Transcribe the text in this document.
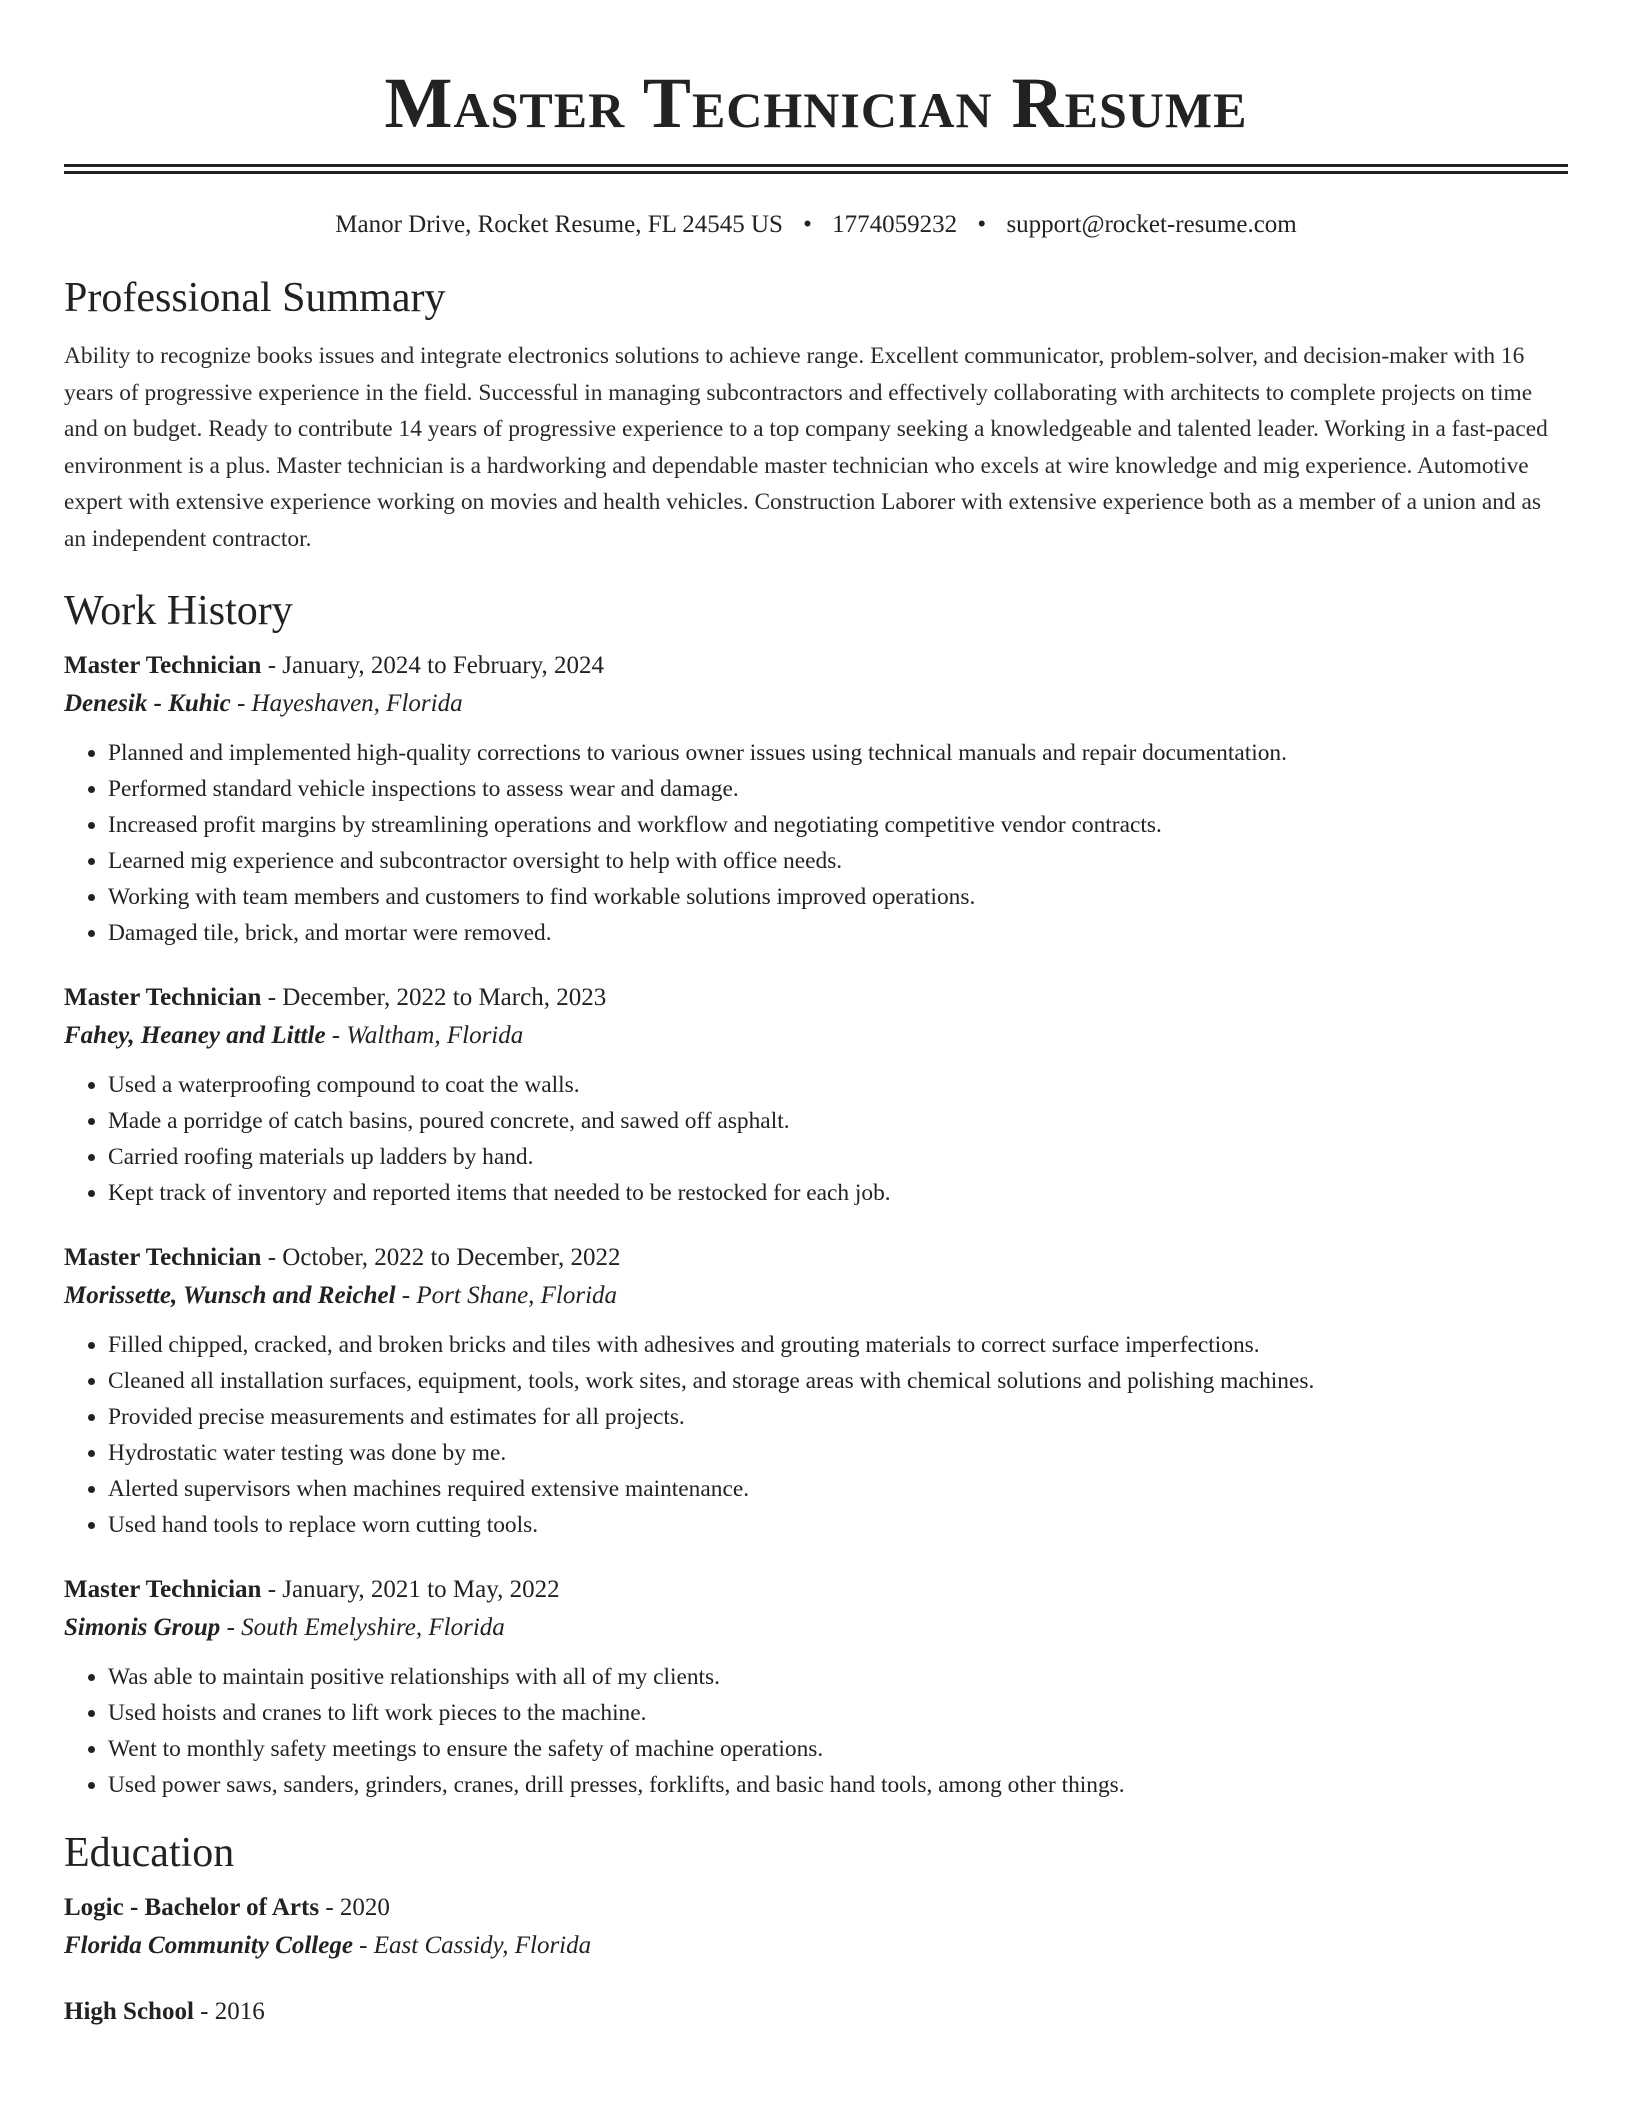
Master Technician Resume
Manor Drive, Rocket Resume, FL 24545 US • 1774059232 • support@rocket-resume.com
Professional Summary

Ability to recognize books issues and integrate electronics solutions to achieve range. Excellent communicator, problem-solver, and decision-maker with 16 years of progressive experience in the field. Successful in managing subcontractors and effectively collaborating with architects to complete projects on time and on budget. Ready to contribute 14 years of progressive experience to a top company seeking a knowledgeable and talented leader. Working in a fast-paced environment is a plus. Master technician is a hardworking and dependable master technician who excels at wire knowledge and mig experience. Automotive expert with extensive experience working on movies and health vehicles. Construction Laborer with extensive experience both as a member of a union and as an independent contractor.

Work History
Master Technician - January, 2024 to February, 2024
Denesik - Kuhic - Hayeshaven, Florida
• Planned and implemented high-quality corrections to various owner issues using technical manuals and repair documentation.
• Performed standard vehicle inspections to assess wear and damage.
• Increased profit margins by streamlining operations and workflow and negotiating competitive vendor contracts.
• Learned mig experience and subcontractor oversight to help with office needs.
• Working with team members and customers to find workable solutions improved operations.
• Damaged tile, brick, and mortar were removed.
Master Technician - December, 2022 to March, 2023
Fahey, Heaney and Little - Waltham, Florida
• Used a waterproofing compound to coat the walls.
• Made a porridge of catch basins, poured concrete, and sawed off asphalt.
• Carried roofing materials up ladders by hand.
• Kept track of inventory and reported items that needed to be restocked for each job.
Master Technician - October, 2022 to December, 2022
Morissette, Wunsch and Reichel - Port Shane, Florida
• Filled chipped, cracked, and broken bricks and tiles with adhesives and grouting materials to correct surface imperfections.
• Cleaned all installation surfaces, equipment, tools, work sites, and storage areas with chemical solutions and polishing machines.
• Provided precise measurements and estimates for all projects.
• Hydrostatic water testing was done by me.
• Alerted supervisors when machines required extensive maintenance.
• Used hand tools to replace worn cutting tools.
Master Technician - January, 2021 to May, 2022
Simonis Group - South Emelyshire, Florida
• Was able to maintain positive relationships with all of my clients.
• Used hoists and cranes to lift work pieces to the machine.
• Went to monthly safety meetings to ensure the safety of machine operations.
• Used power saws, sanders, grinders, cranes, drill presses, forklifts, and basic hand tools, among other things.
Education
Logic - Bachelor of Arts - 2020
Florida Community College - East Cassidy, Florida
High School - 2016
